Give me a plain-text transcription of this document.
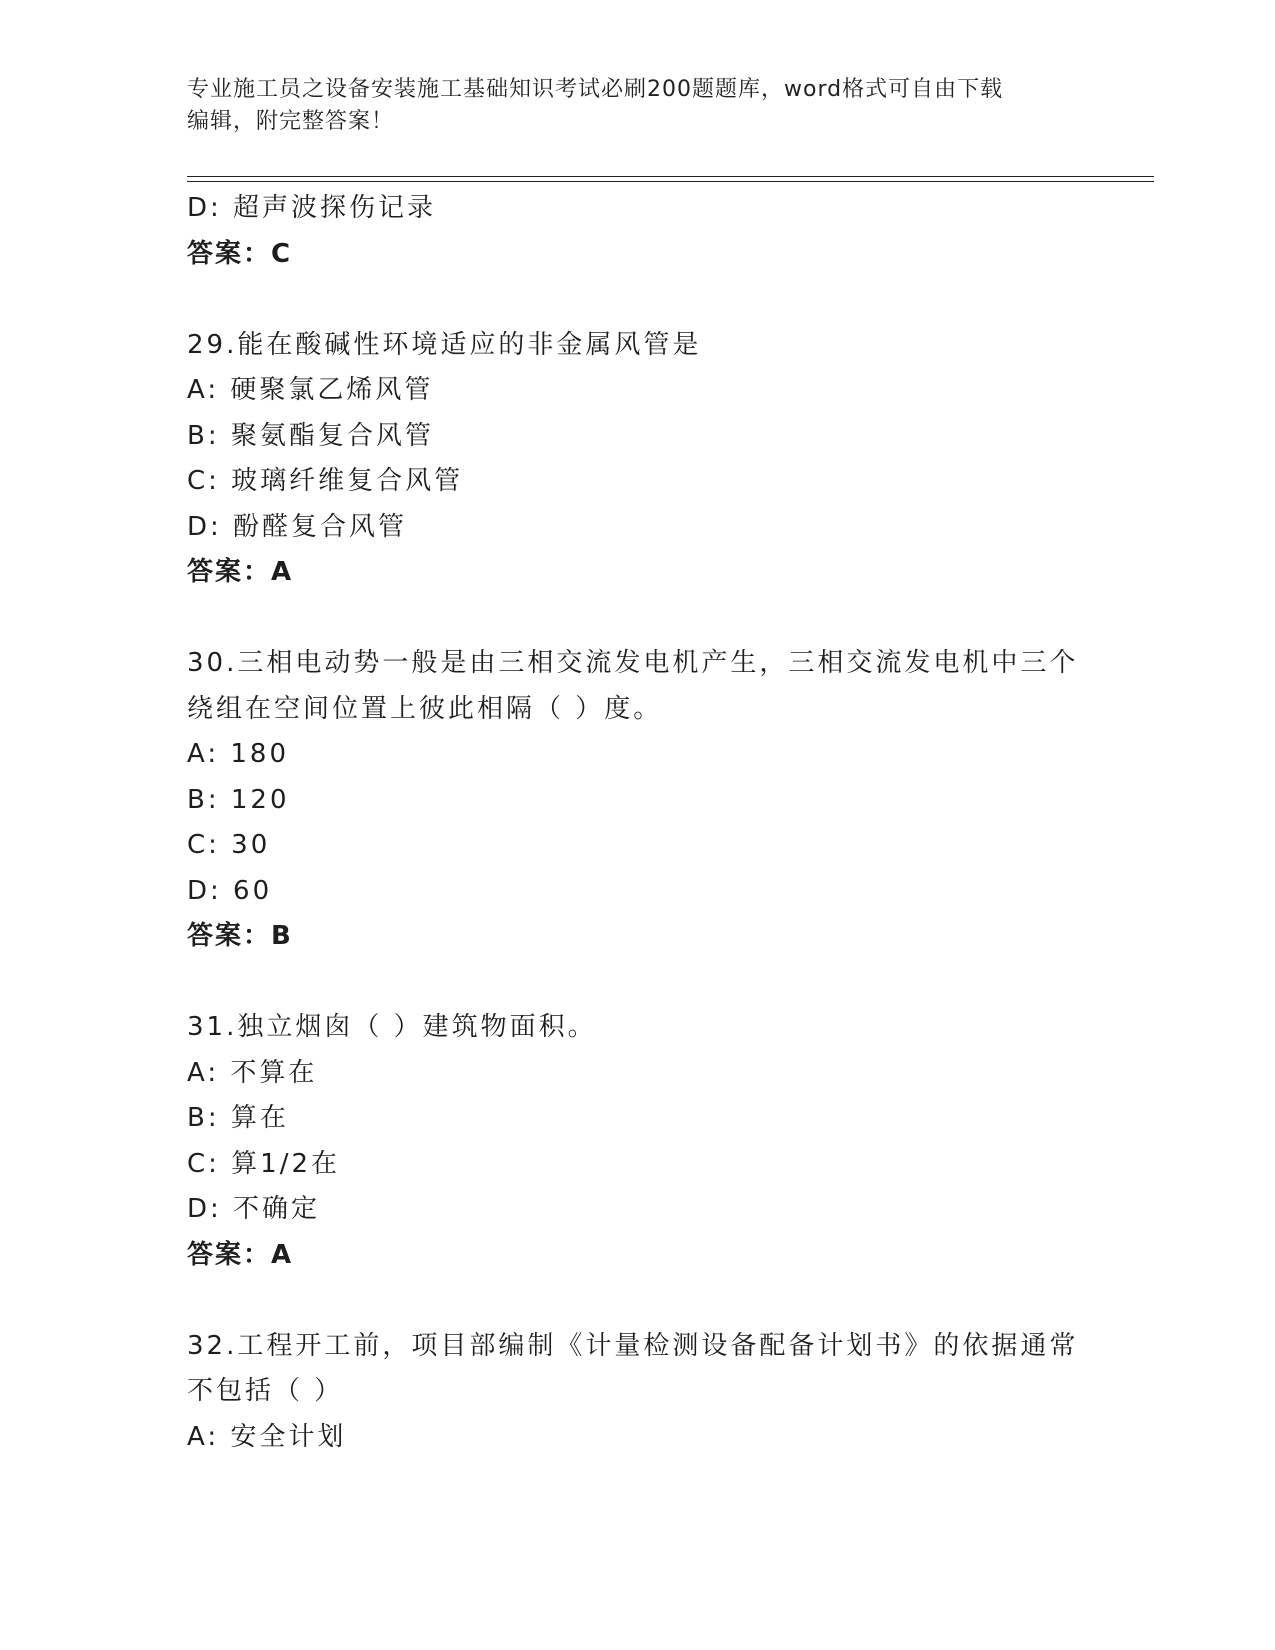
专业施工员之设备安装施工基础知识考试必刷200题题库，word格式可自由下载
编辑，附完整答案！
D: 超声波探伤记录
答案：C
29.能在酸碱性环境适应的非金属风管是
A: 硬聚氯乙烯风管
B: 聚氨酯复合风管
C: 玻璃纤维复合风管
D: 酚醛复合风管
答案：A
30.三相电动势一般是由三相交流发电机产生，三相交流发电机中三个
绕组在空间位置上彼此相隔（ ）度。
A: 180
B: 120
C: 30
D: 60
答案：B
31.独立烟囱（ ）建筑物面积。
A: 不算在
B: 算在
C: 算1/2在
D: 不确定
答案：A
32.工程开工前，项目部编制《计量检测设备配备计划书》的依据通常
不包括（ ）
A: 安全计划
